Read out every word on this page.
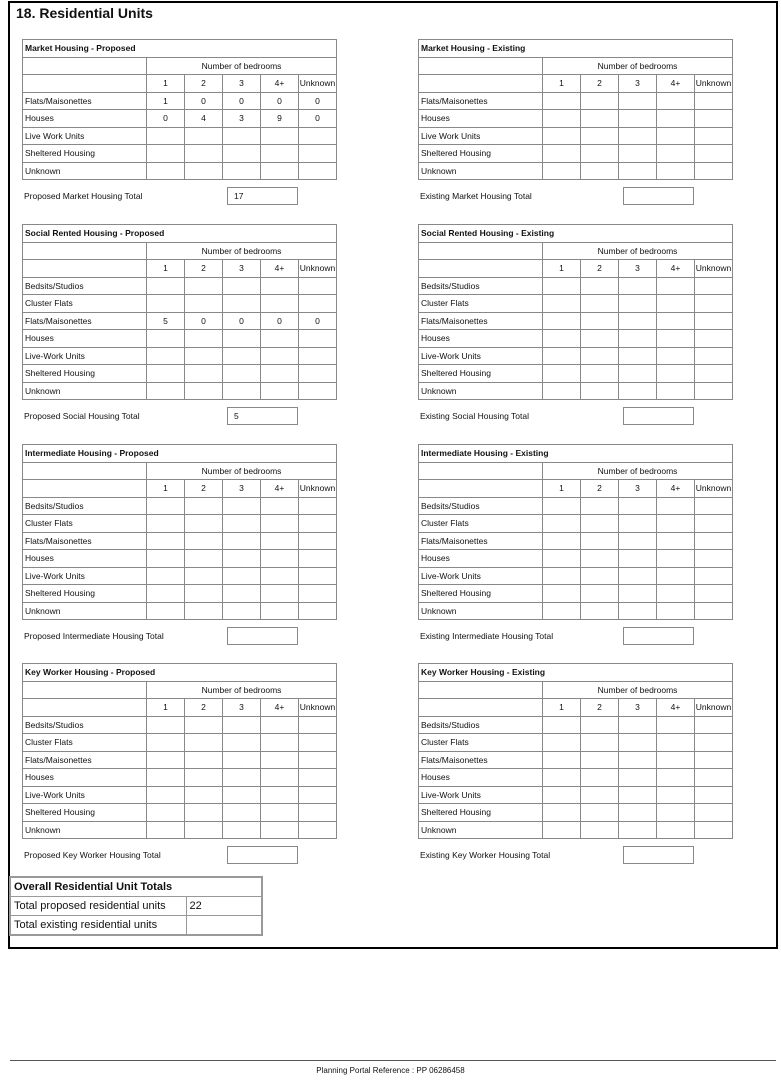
18. Residential Units
Market Housing - Proposed					
	Number of bedrooms				
	1	2	3	4+	Unknown
Flats/Maisonettes	1	0	0	0	0
Houses	0	4	3	9	0
Live Work Units					
Sheltered Housing					
Unknown					
Proposed Market Housing Total	17
Market Housing - Existing					
	Number of bedrooms				
	1	2	3	4+	Unknown
Flats/Maisonettes					
Houses					
Live Work Units					
Sheltered Housing					
Unknown					
Existing Market Housing Total
Social Rented Housing - Proposed					
	Number of bedrooms				
	1	2	3	4+	Unknown
Bedsits/Studios					
Cluster Flats					
Flats/Maisonettes	5	0	0	0	0
Houses					
Live-Work Units					
Sheltered Housing					
Unknown					
Proposed Social Housing Total	5
Social Rented Housing - Existing					
	Number of bedrooms				
	1	2	3	4+	Unknown
Bedsits/Studios					
Cluster Flats					
Flats/Maisonettes					
Houses					
Live-Work Units					
Sheltered Housing					
Unknown					
Existing Social Housing Total
Intermediate Housing - Proposed					
	Number of bedrooms				
	1	2	3	4+	Unknown
Bedsits/Studios					
Cluster Flats					
Flats/Maisonettes					
Houses					
Live-Work Units					
Sheltered Housing					
Unknown					
Proposed Intermediate Housing Total
Intermediate Housing - Existing					
	Number of bedrooms				
	1	2	3	4+	Unknown
Bedsits/Studios					
Cluster Flats					
Flats/Maisonettes					
Houses					
Live-Work Units					
Sheltered Housing					
Unknown					
Existing Intermediate Housing Total
Key Worker Housing - Proposed					
	Number of bedrooms				
	1	2	3	4+	Unknown
Bedsits/Studios					
Cluster Flats					
Flats/Maisonettes					
Houses					
Live-Work Units					
Sheltered Housing					
Unknown					
Proposed Key Worker Housing Total
Key Worker Housing - Existing					
	Number of bedrooms				
	1	2	3	4+	Unknown
Bedsits/Studios					
Cluster Flats					
Flats/Maisonettes					
Houses					
Live-Work Units					
Sheltered Housing					
Unknown					
Existing Key Worker Housing Total
Overall Residential Unit Totals	
Total proposed residential units	22
Total existing residential units	
Planning Portal Reference : PP 06286458
